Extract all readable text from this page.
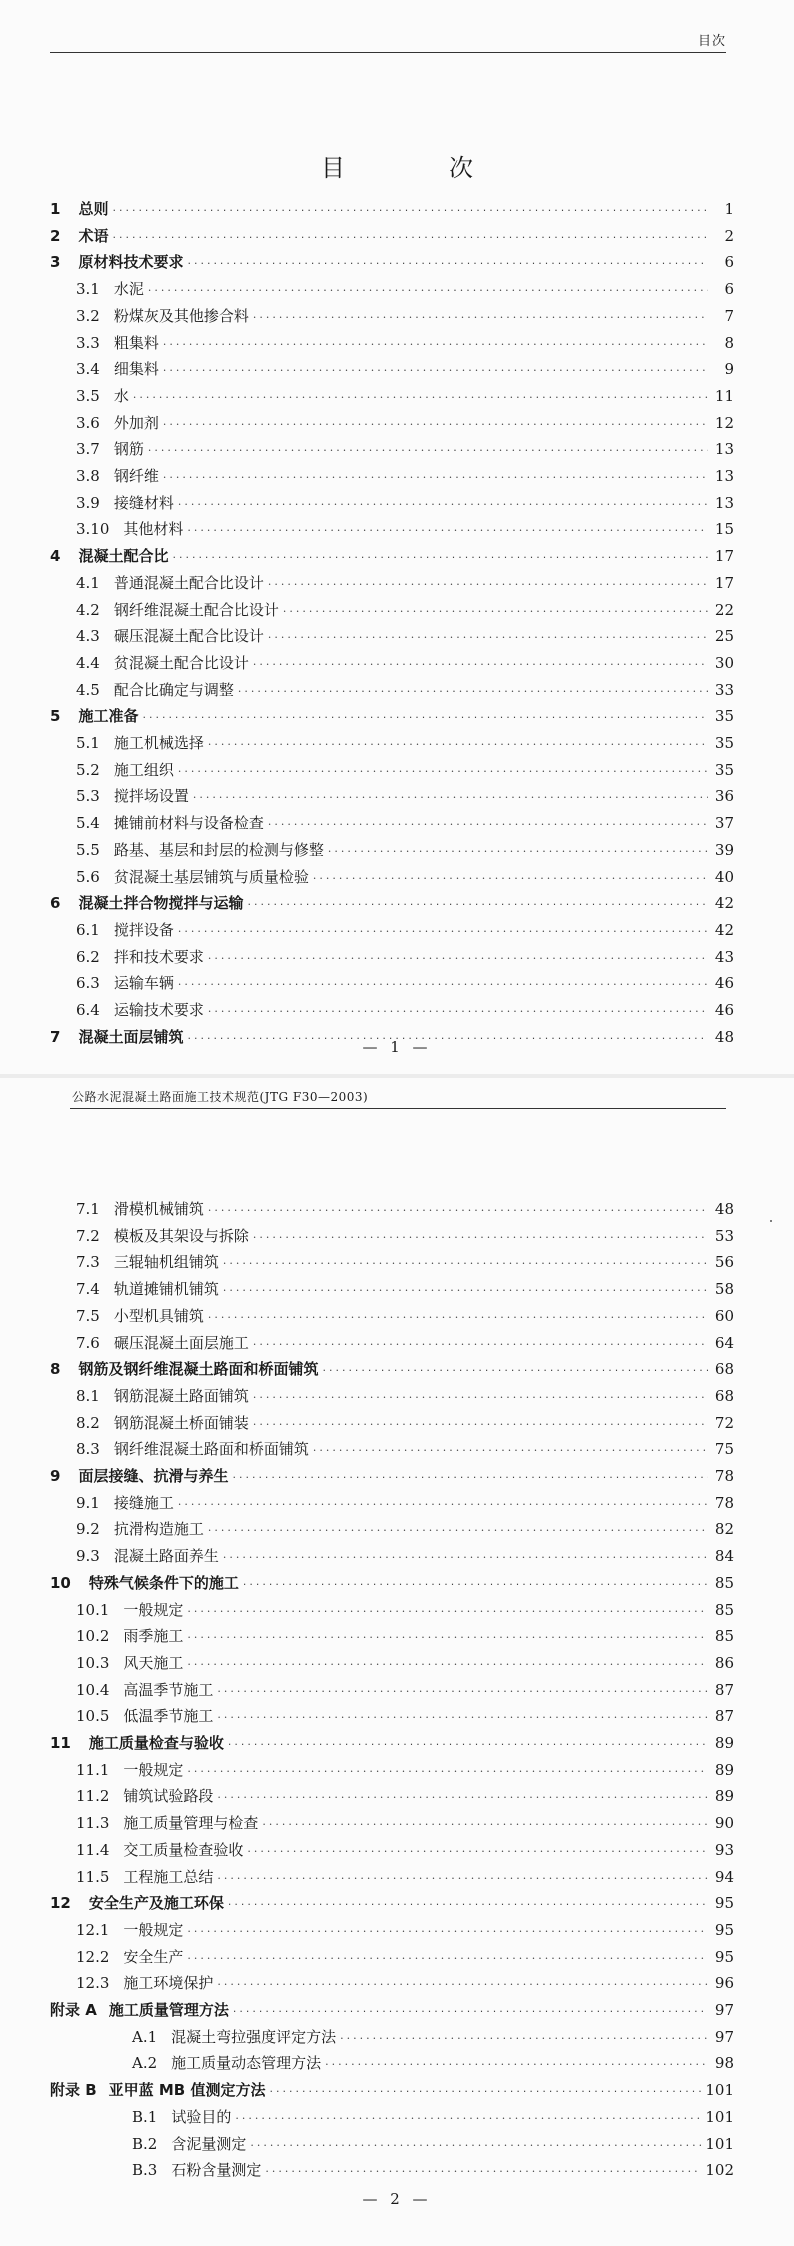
目次
目　次
1	总则 ·····	1
2	术语 ·····	2
3	原材料技术要求 ·····	6
3.1 水泥 ·····	6
3.2 粉煤灰及其他掺合料 ·····	7
3.3 粗集料 ·····	8
3.4 细集料 ·····	9
3.5 水 ·····	11
3.6 外加剂 ·····	12
3.7 钢筋 ·····	13
3.8 钢纤维 ·····	13
3.9 接缝材料 ·····	13
3.10 其他材料 ·····	15
4	混凝土配合比 ·····	17
4.1 普通混凝土配合比设计 ·····	17
4.2 钢纤维混凝土配合比设计 ·····	22
4.3 碾压混凝土配合比设计 ·····	25
4.4 贫混凝土配合比设计 ·····	30
4.5 配合比确定与调整 ·····	33
5	施工准备 ·····	35
5.1 施工机械选择 ·····	35
5.2 施工组织 ·····	35
5.3 搅拌场设置 ·····	36
5.4 摊铺前材料与设备检查 ·····	37
5.5 路基、基层和封层的检测与修整 ·····	39
5.6 贫混凝土基层铺筑与质量检验 ·····	40
6	混凝土拌合物搅拌与运输 ·····	42
6.1 搅拌设备 ·····	42
6.2 拌和技术要求 ·····	43
6.3 运输车辆 ·····	46
6.4 运输技术要求 ·····	46
7	混凝土面层铺筑 ·····	48
— 1 —
公路水泥混凝土路面施工技术规范(JTG F30—2003)
7.1 滑模机械铺筑 ·····	48
7.2 模板及其架设与拆除 ·····	53
7.3 三辊轴机组铺筑 ·····	56
7.4 轨道摊铺机铺筑 ·····	58
7.5 小型机具铺筑 ·····	60
7.6 碾压混凝土面层施工 ·····	64
8	钢筋及钢纤维混凝土路面和桥面铺筑 ·····	68
8.1 钢筋混凝土路面铺筑 ·····	68
8.2 钢筋混凝土桥面铺装 ·····	72
8.3 钢纤维混凝土路面和桥面铺筑 ·····	75
9	面层接缝、抗滑与养生 ·····	78
9.1 接缝施工 ·····	78
9.2 抗滑构造施工 ·····	82
9.3 混凝土路面养生 ·····	84
10	特殊气候条件下的施工 ·····	85
10.1 一般规定 ·····	85
10.2 雨季施工 ·····	85
10.3 风天施工 ·····	86
10.4 高温季节施工 ·····	87
10.5 低温季节施工 ·····	87
11	施工质量检查与验收 ·····	89
11.1 一般规定 ·····	89
11.2 铺筑试验路段 ·····	89
11.3 施工质量管理与检查 ·····	90
11.4 交工质量检查验收 ·····	93
11.5 工程施工总结 ·····	94
12	安全生产及施工环保 ·····	95
12.1 一般规定 ·····	95
12.2 安全生产 ·····	95
12.3 施工环境保护 ·····	96
附录 A 施工质量管理方法 ·····	97
A.1 混凝土弯拉强度评定方法 ·····	97
A.2 施工质量动态管理方法 ·····	98
附录 B 亚甲蓝 MB 值测定方法 ·····	101
B.1 试验目的 ·····	101
B.2 含泥量测定 ·····	101
B.3 石粉含量测定 ·····	102
— 2 —
